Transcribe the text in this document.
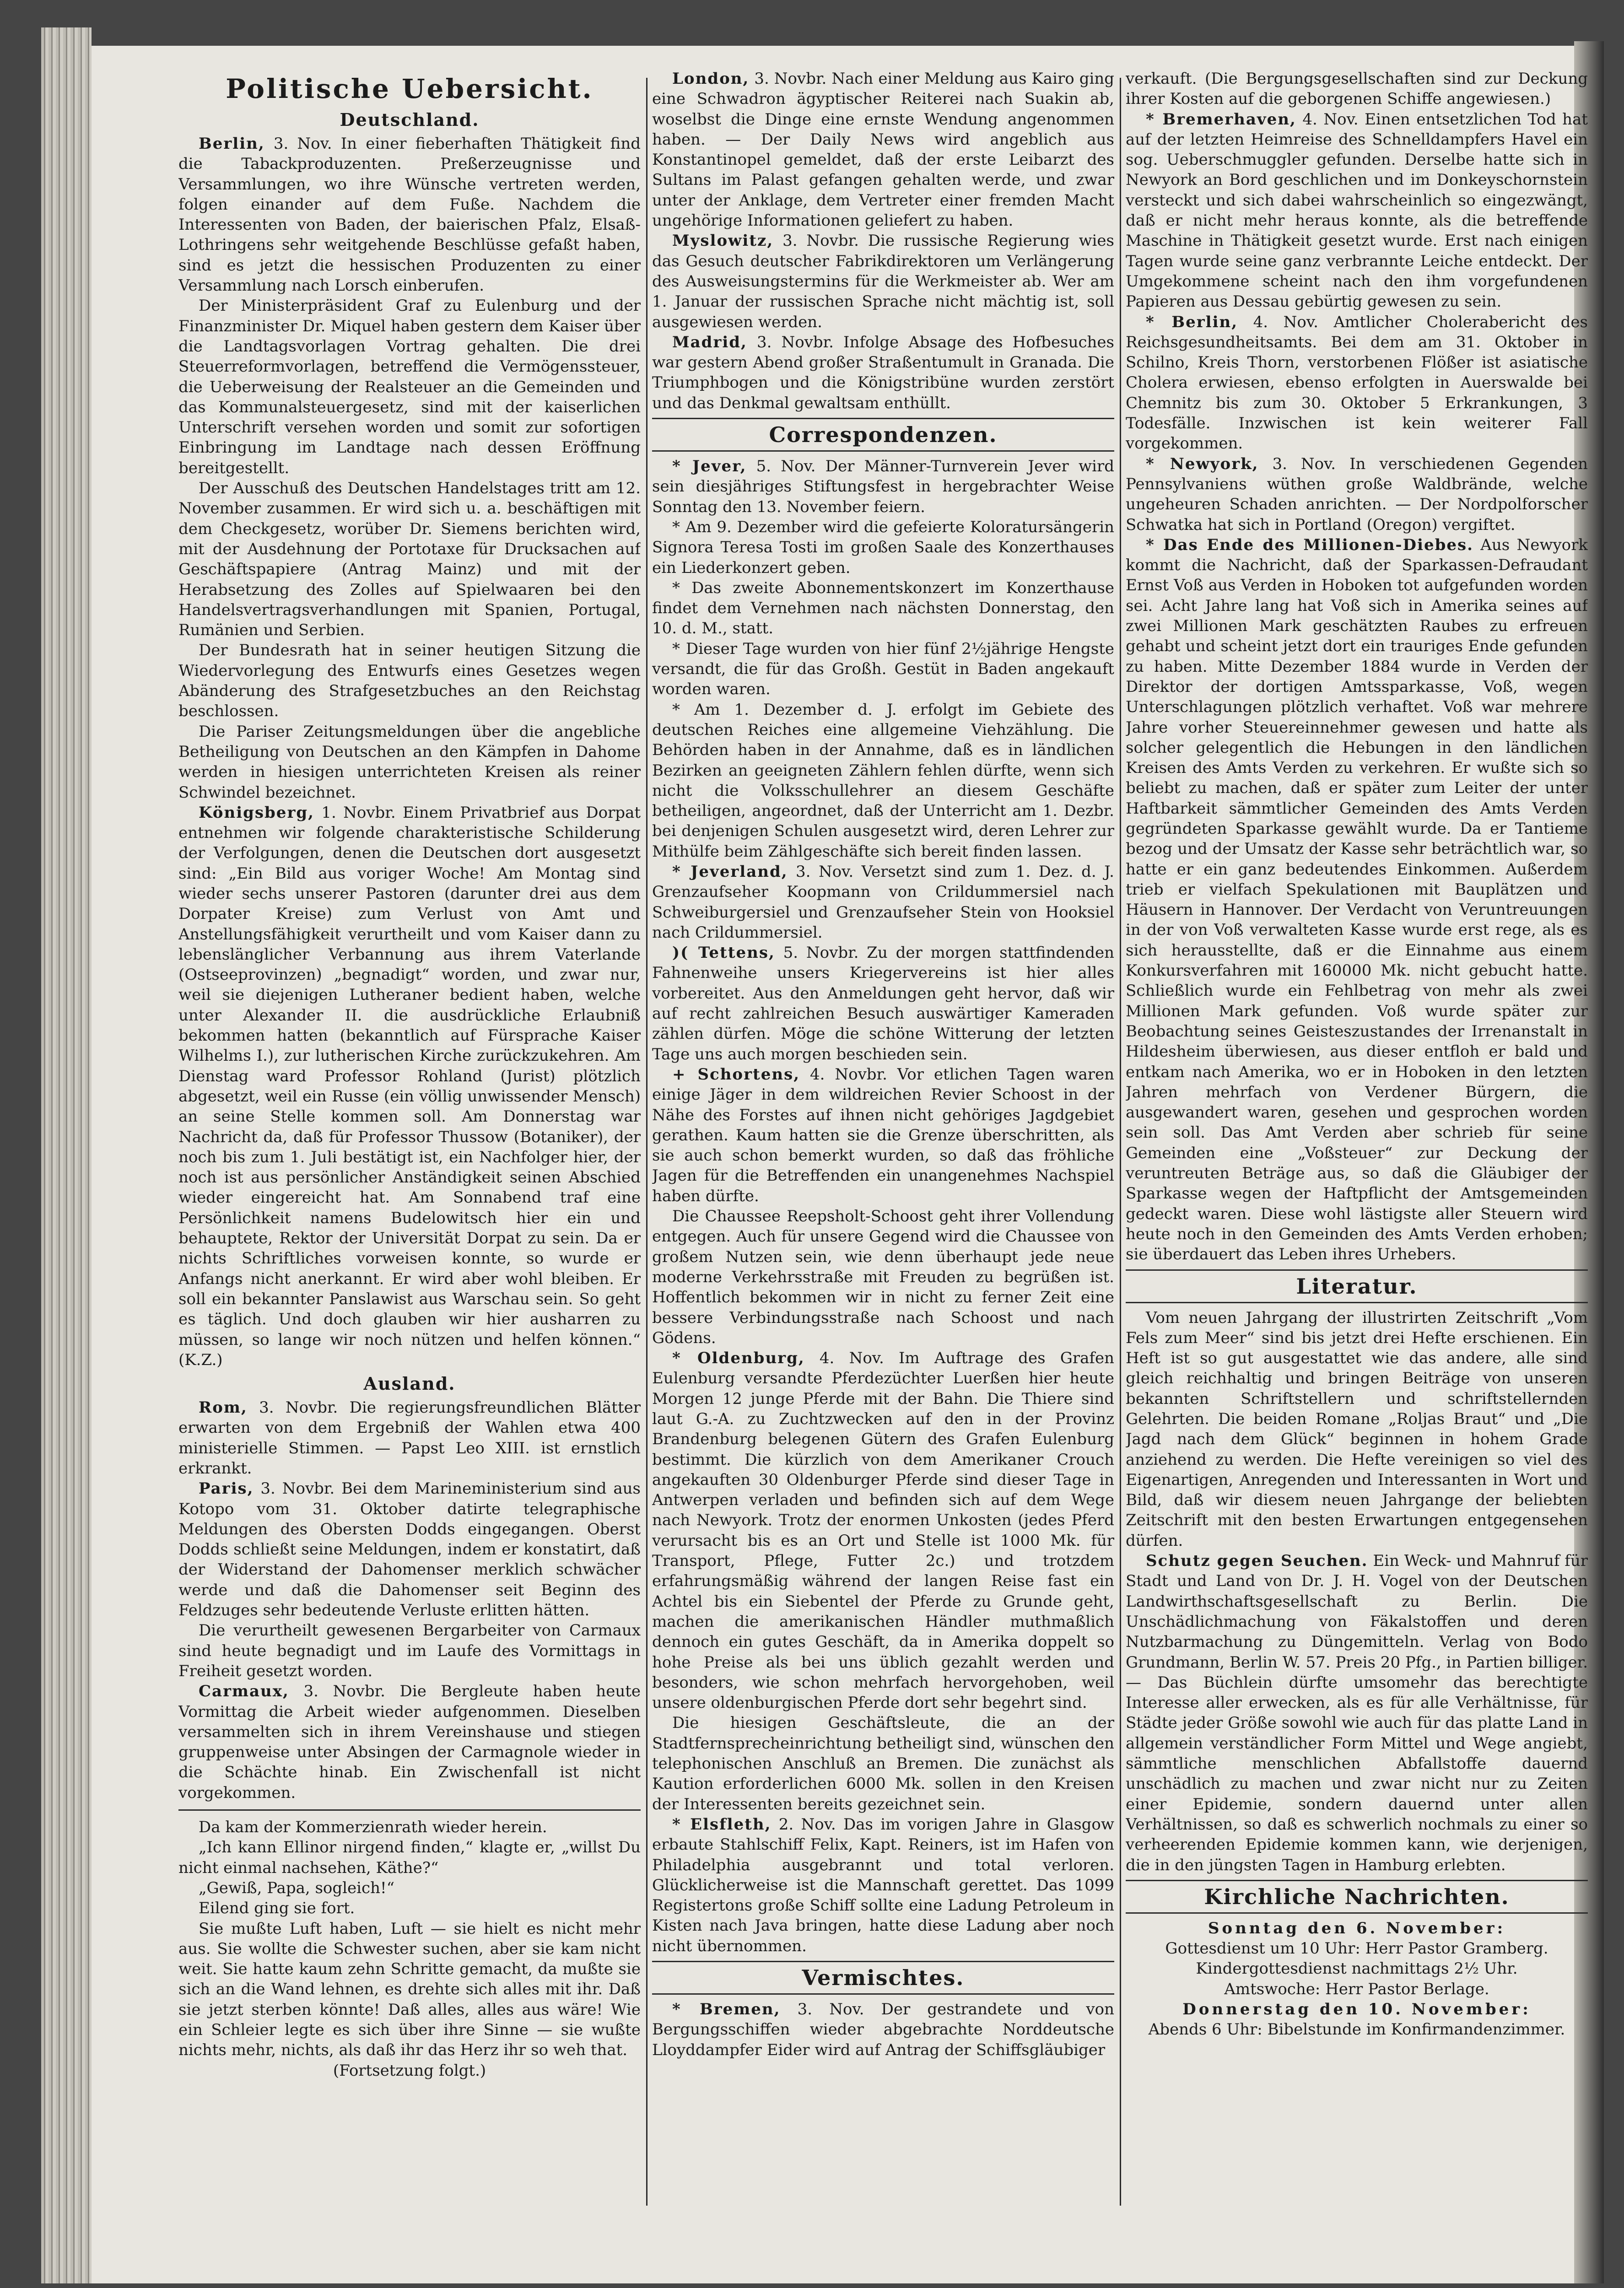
Politische Uebersicht.
Deutschland.

Berlin, 3. Nov. In einer fieberhaften Thätigkeit find die Tabackproduzenten. Preßerzeugnisse und Versammlungen, wo ihre Wünsche vertreten werden, folgen einander auf dem Fuße. Nachdem die Interessenten von Baden, der baierischen Pfalz, Elsaß-Lothringens sehr weitgehende Beschlüsse gefaßt haben, sind es jetzt die hessischen Produzenten zu einer Versammlung nach Lorsch einberufen.

Der Ministerpräsident Graf zu Eulenburg und der Finanzminister Dr. Miquel haben gestern dem Kaiser über die Landtagsvorlagen Vortrag gehalten. Die drei Steuerreformvorlagen, betreffend die Vermögenssteuer, die Ueberweisung der Realsteuer an die Gemeinden und das Kommunalsteuergesetz, sind mit der kaiserlichen Unterschrift versehen worden und somit zur sofortigen Einbringung im Landtage nach dessen Eröffnung bereitgestellt.

Der Ausschuß des Deutschen Handelstages tritt am 12. November zusammen. Er wird sich u. a. beschäftigen mit dem Checkgesetz, worüber Dr. Siemens berichten wird, mit der Ausdehnung der Portotaxe für Drucksachen auf Geschäftspapiere (Antrag Mainz) und mit der Herabsetzung des Zolles auf Spielwaaren bei den Handelsvertragsverhandlungen mit Spanien, Portugal, Rumänien und Serbien.

Der Bundesrath hat in seiner heutigen Sitzung die Wiedervorlegung des Entwurfs eines Gesetzes wegen Abänderung des Strafgesetzbuches an den Reichstag beschlossen.

Die Pariser Zeitungsmeldungen über die angebliche Betheiligung von Deutschen an den Kämpfen in Dahome werden in hiesigen unterrichteten Kreisen als reiner Schwindel bezeichnet.

Königsberg, 1. Novbr. Einem Privatbrief aus Dorpat entnehmen wir folgende charakteristische Schilderung der Verfolgungen, denen die Deutschen dort ausgesetzt sind: „Ein Bild aus voriger Woche! Am Montag sind wieder sechs unserer Pastoren (darunter drei aus dem Dorpater Kreise) zum Verlust von Amt und Anstellungsfähigkeit verurtheilt und vom Kaiser dann zu lebenslänglicher Verbannung aus ihrem Vaterlande (Ostseeprovinzen) „begnadigt“ worden, und zwar nur, weil sie diejenigen Lutheraner bedient haben, welche unter Alexander II. die ausdrückliche Erlaubniß bekommen hatten (bekanntlich auf Fürsprache Kaiser Wilhelms I.), zur lutherischen Kirche zurückzukehren. Am Dienstag ward Professor Rohland (Jurist) plötzlich abgesetzt, weil ein Russe (ein völlig unwissender Mensch) an seine Stelle kommen soll. Am Donnerstag war Nachricht da, daß für Professor Thussow (Botaniker), der noch bis zum 1. Juli bestätigt ist, ein Nachfolger hier, der noch ist aus persönlicher Anständigkeit seinen Abschied wieder eingereicht hat. Am Sonnabend traf eine Persönlichkeit namens Budelowitsch hier ein und behauptete, Rektor der Universität Dorpat zu sein. Da er nichts Schriftliches vorweisen konnte, so wurde er Anfangs nicht anerkannt. Er wird aber wohl bleiben. Er soll ein bekannter Panslawist aus Warschau sein. So geht es täglich. Und doch glauben wir hier ausharren zu müssen, so lange wir noch nützen und helfen können.“ (K.Z.)

Ausland.

Rom, 3. Novbr. Die regierungsfreundlichen Blätter erwarten von dem Ergebniß der Wahlen etwa 400 ministerielle Stimmen. — Papst Leo XIII. ist ernstlich erkrankt.

Paris, 3. Novbr. Bei dem Marineministerium sind aus Kotopo vom 31. Oktober datirte telegraphische Meldungen des Obersten Dodds eingegangen. Oberst Dodds schließt seine Meldungen, indem er konstatirt, daß der Widerstand der Dahomenser merklich schwächer werde und daß die Dahomenser seit Beginn des Feldzuges sehr bedeutende Verluste erlitten hätten.

Die verurtheilt gewesenen Bergarbeiter von Carmaux sind heute begnadigt und im Laufe des Vormittags in Freiheit gesetzt worden.

Carmaux, 3. Novbr. Die Bergleute haben heute Vormittag die Arbeit wieder aufgenommen. Dieselben versammelten sich in ihrem Vereinshause und stiegen gruppenweise unter Absingen der Carmagnole wieder in die Schächte hinab. Ein Zwischenfall ist nicht vorgekommen.

Da kam der Kommerzienrath wieder herein.

„Ich kann Ellinor nirgend finden,“ klagte er, „willst Du nicht einmal nachsehen, Käthe?“

„Gewiß, Papa, sogleich!“

Eilend ging sie fort.

Sie mußte Luft haben, Luft — sie hielt es nicht mehr aus. Sie wollte die Schwester suchen, aber sie kam nicht weit. Sie hatte kaum zehn Schritte gemacht, da mußte sie sich an die Wand lehnen, es drehte sich alles mit ihr. Daß sie jetzt sterben könnte! Daß alles, alles aus wäre! Wie ein Schleier legte es sich über ihre Sinne — sie wußte nichts mehr, nichts, als daß ihr das Herz ihr so weh that.

(Fortsetzung folgt.)

London, 3. Novbr. Nach einer Meldung aus Kairo ging eine Schwadron ägyptischer Reiterei nach Suakin ab, woselbst die Dinge eine ernste Wendung angenommen haben. — Der Daily News wird angeblich aus Konstantinopel gemeldet, daß der erste Leibarzt des Sultans im Palast gefangen gehalten werde, und zwar unter der Anklage, dem Vertreter einer fremden Macht ungehörige Informationen geliefert zu haben.

Myslowitz, 3. Novbr. Die russische Regierung wies das Gesuch deutscher Fabrikdirektoren um Verlängerung des Ausweisungstermins für die Werkmeister ab. Wer am 1. Januar der russischen Sprache nicht mächtig ist, soll ausgewiesen werden.

Madrid, 3. Novbr. Infolge Absage des Hofbesuches war gestern Abend großer Straßentumult in Granada. Die Triumphbogen und die Königstribüne wurden zerstört und das Denkmal gewaltsam enthüllt.

Correspondenzen.

* Jever, 5. Nov. Der Männer-Turnverein Jever wird sein diesjähriges Stiftungsfest in hergebrachter Weise Sonntag den 13. November feiern.

* Am 9. Dezember wird die gefeierte Koloratursängerin Signora Teresa Tosti im großen Saale des Konzerthauses ein Liederkonzert geben.

* Das zweite Abonnementskonzert im Konzerthause findet dem Vernehmen nach nächsten Donnerstag, den 10. d. M., statt.

* Dieser Tage wurden von hier fünf 2½jährige Hengste versandt, die für das Großh. Gestüt in Baden angekauft worden waren.

* Am 1. Dezember d. J. erfolgt im Gebiete des deutschen Reiches eine allgemeine Viehzählung. Die Behörden haben in der Annahme, daß es in ländlichen Bezirken an geeigneten Zählern fehlen dürfte, wenn sich nicht die Volksschullehrer an diesem Geschäfte betheiligen, angeordnet, daß der Unterricht am 1. Dezbr. bei denjenigen Schulen ausgesetzt wird, deren Lehrer zur Mithülfe beim Zählgeschäfte sich bereit finden lassen.

* Jeverland, 3. Nov. Versetzt sind zum 1. Dez. d. J. Grenzaufseher Koopmann von Crildummersiel nach Schweiburgersiel und Grenzaufseher Stein von Hooksiel nach Crildummersiel.

)( Tettens, 5. Novbr. Zu der morgen stattfindenden Fahnenweihe unsers Kriegervereins ist hier alles vorbereitet. Aus den Anmeldungen geht hervor, daß wir auf recht zahlreichen Besuch auswärtiger Kameraden zählen dürfen. Möge die schöne Witterung der letzten Tage uns auch morgen beschieden sein.

+ Schortens, 4. Novbr. Vor etlichen Tagen waren einige Jäger in dem wildreichen Revier Schoost in der Nähe des Forstes auf ihnen nicht gehöriges Jagdgebiet gerathen. Kaum hatten sie die Grenze überschritten, als sie auch schon bemerkt wurden, so daß das fröhliche Jagen für die Betreffenden ein unangenehmes Nachspiel haben dürfte.

Die Chaussee Reepsholt-Schoost geht ihrer Vollendung entgegen. Auch für unsere Gegend wird die Chaussee von großem Nutzen sein, wie denn überhaupt jede neue moderne Verkehrsstraße mit Freuden zu begrüßen ist. Hoffentlich bekommen wir in nicht zu ferner Zeit eine bessere Verbindungsstraße nach Schoost und nach Gödens.

* Oldenburg, 4. Nov. Im Auftrage des Grafen Eulenburg versandte Pferdezüchter Luerßen hier heute Morgen 12 junge Pferde mit der Bahn. Die Thiere sind laut G.-A. zu Zuchtzwecken auf den in der Provinz Brandenburg belegenen Gütern des Grafen Eulenburg bestimmt. Die kürzlich von dem Amerikaner Crouch angekauften 30 Oldenburger Pferde sind dieser Tage in Antwerpen verladen und befinden sich auf dem Wege nach Newyork. Trotz der enormen Unkosten (jedes Pferd verursacht bis es an Ort und Stelle ist 1000 Mk. für Transport, Pflege, Futter 2c.) und trotzdem erfahrungsmäßig während der langen Reise fast ein Achtel bis ein Siebentel der Pferde zu Grunde geht, machen die amerikanischen Händler muthmaßlich dennoch ein gutes Geschäft, da in Amerika doppelt so hohe Preise als bei uns üblich gezahlt werden und besonders, wie schon mehrfach hervorgehoben, weil unsere oldenburgischen Pferde dort sehr begehrt sind.

Die hiesigen Geschäftsleute, die an der Stadtfernsprecheinrichtung betheiligt sind, wünschen den telephonischen Anschluß an Bremen. Die zunächst als Kaution erforderlichen 6000 Mk. sollen in den Kreisen der Interessenten bereits gezeichnet sein.

* Elsfleth, 2. Nov. Das im vorigen Jahre in Glasgow erbaute Stahlschiff Felix, Kapt. Reiners, ist im Hafen von Philadelphia ausgebrannt und total verloren. Glücklicherweise ist die Mannschaft gerettet. Das 1099 Registertons große Schiff sollte eine Ladung Petroleum in Kisten nach Java bringen, hatte diese Ladung aber noch nicht übernommen.

Vermischtes.

* Bremen, 3. Nov. Der gestrandete und von Bergungsschiffen wieder abgebrachte Norddeutsche Lloyddampfer Eider wird auf Antrag der Schiffsgläubiger

verkauft. (Die Bergungsgesellschaften sind zur Deckung ihrer Kosten auf die geborgenen Schiffe angewiesen.)

* Bremerhaven, 4. Nov. Einen entsetzlichen Tod hat auf der letzten Heimreise des Schnelldampfers Havel ein sog. Ueberschmuggler gefunden. Derselbe hatte sich in Newyork an Bord geschlichen und im Donkeyschornstein versteckt und sich dabei wahrscheinlich so eingezwängt, daß er nicht mehr heraus konnte, als die betreffende Maschine in Thätigkeit gesetzt wurde. Erst nach einigen Tagen wurde seine ganz verbrannte Leiche entdeckt. Der Umgekommene scheint nach den ihm vorgefundenen Papieren aus Dessau gebürtig gewesen zu sein.

* Berlin, 4. Nov. Amtlicher Cholerabericht des Reichsgesundheitsamts. Bei dem am 31. Oktober in Schilno, Kreis Thorn, verstorbenen Flößer ist asiatische Cholera erwiesen, ebenso erfolgten in Auerswalde bei Chemnitz bis zum 30. Oktober 5 Erkrankungen, 3 Todesfälle. Inzwischen ist kein weiterer Fall vorgekommen.

* Newyork, 3. Nov. In verschiedenen Gegenden Pennsylvaniens wüthen große Waldbrände, welche ungeheuren Schaden anrichten. — Der Nordpolforscher Schwatka hat sich in Portland (Oregon) vergiftet.

* Das Ende des Millionen-Diebes. Aus Newyork kommt die Nachricht, daß der Sparkassen-Defraudant Ernst Voß aus Verden in Hoboken tot aufgefunden worden sei. Acht Jahre lang hat Voß sich in Amerika seines auf zwei Millionen Mark geschätzten Raubes zu erfreuen gehabt und scheint jetzt dort ein trauriges Ende gefunden zu haben. Mitte Dezember 1884 wurde in Verden der Direktor der dortigen Amtssparkasse, Voß, wegen Unterschlagungen plötzlich verhaftet. Voß war mehrere Jahre vorher Steuereinnehmer gewesen und hatte als solcher gelegentlich die Hebungen in den ländlichen Kreisen des Amts Verden zu verkehren. Er wußte sich so beliebt zu machen, daß er später zum Leiter der unter Haftbarkeit sämmtlicher Gemeinden des Amts Verden gegründeten Sparkasse gewählt wurde. Da er Tantieme bezog und der Umsatz der Kasse sehr beträchtlich war, so hatte er ein ganz bedeutendes Einkommen. Außerdem trieb er vielfach Spekulationen mit Bauplätzen und Häusern in Hannover. Der Verdacht von Veruntreuungen in der von Voß verwalteten Kasse wurde erst rege, als es sich herausstellte, daß er die Einnahme aus einem Konkursverfahren mit 160000 Mk. nicht gebucht hatte. Schließlich wurde ein Fehlbetrag von mehr als zwei Millionen Mark gefunden. Voß wurde später zur Beobachtung seines Geisteszustandes der Irrenanstalt in Hildesheim überwiesen, aus dieser entfloh er bald und entkam nach Amerika, wo er in Hoboken in den letzten Jahren mehrfach von Verdener Bürgern, die ausgewandert waren, gesehen und gesprochen worden sein soll. Das Amt Verden aber schrieb für seine Gemeinden eine „Voßsteuer“ zur Deckung der veruntreuten Beträge aus, so daß die Gläubiger der Sparkasse wegen der Haftpflicht der Amtsgemeinden gedeckt waren. Diese wohl lästigste aller Steuern wird heute noch in den Gemeinden des Amts Verden erhoben; sie überdauert das Leben ihres Urhebers.

Literatur.

Vom neuen Jahrgang der illustrirten Zeitschrift „Vom Fels zum Meer“ sind bis jetzt drei Hefte erschienen. Ein Heft ist so gut ausgestattet wie das andere, alle sind gleich reichhaltig und bringen Beiträge von unseren bekannten Schriftstellern und schriftstellernden Gelehrten. Die beiden Romane „Roljas Braut“ und „Die Jagd nach dem Glück“ beginnen in hohem Grade anziehend zu werden. Die Hefte vereinigen so viel des Eigenartigen, Anregenden und Interessanten in Wort und Bild, daß wir diesem neuen Jahrgange der beliebten Zeitschrift mit den besten Erwartungen entgegensehen dürfen.

Schutz gegen Seuchen. Ein Weck- und Mahnruf für Stadt und Land von Dr. J. H. Vogel von der Deutschen Landwirthschaftsgesellschaft zu Berlin. Die Unschädlichmachung von Fäkalstoffen und deren Nutzbarmachung zu Düngemitteln. Verlag von Bodo Grundmann, Berlin W. 57. Preis 20 Pfg., in Partien billiger. — Das Büchlein dürfte umsomehr das berechtigte Interesse aller erwecken, als es für alle Verhältnisse, für Städte jeder Größe sowohl wie auch für das platte Land in allgemein verständlicher Form Mittel und Wege angiebt, sämmtliche menschlichen Abfallstoffe dauernd unschädlich zu machen und zwar nicht nur zu Zeiten einer Epidemie, sondern dauernd unter allen Verhältnissen, so daß es schwerlich nochmals zu einer so verheerenden Epidemie kommen kann, wie derjenigen, die in den jüngsten Tagen in Hamburg erlebten.

Kirchliche Nachrichten.

Sonntag den 6. November:

Gottesdienst um 10 Uhr: Herr Pastor Gramberg.

Kindergottesdienst nachmittags 2½ Uhr.

Amtswoche: Herr Pastor Berlage.

Donnerstag den 10. November:

Abends 6 Uhr: Bibelstunde im Konfirmandenzimmer.
